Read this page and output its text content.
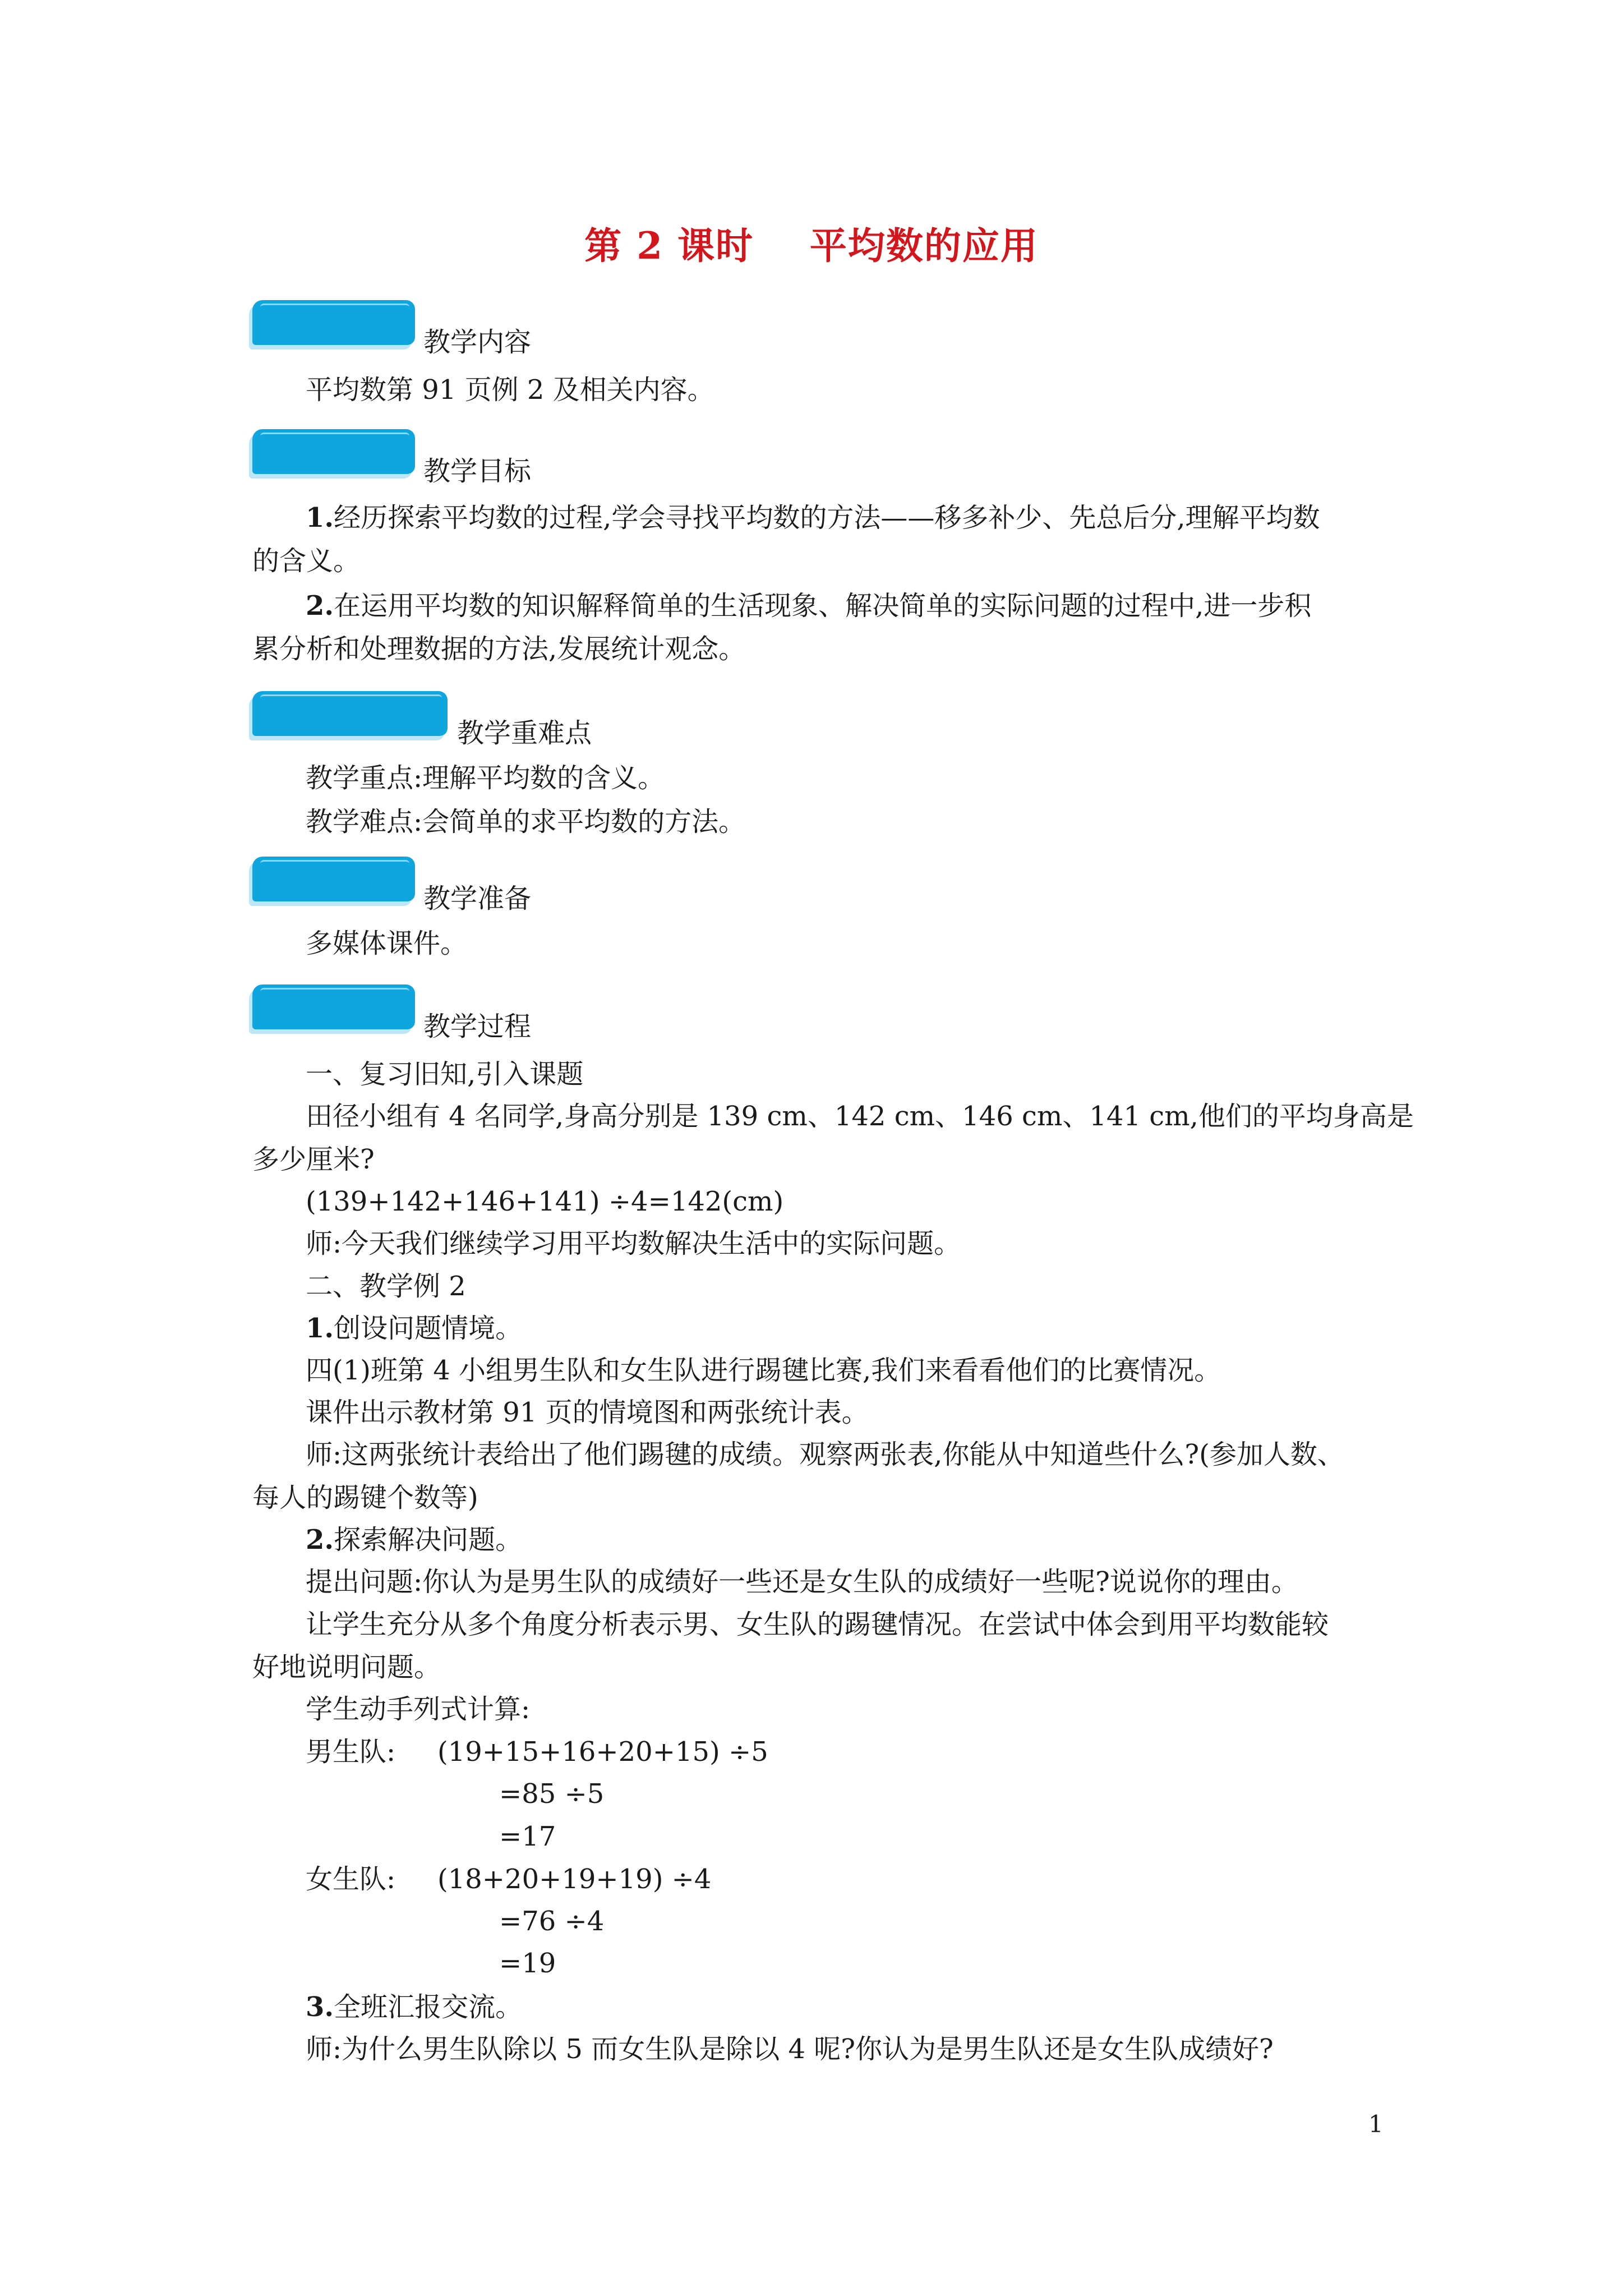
第 2 课时    平均数的应用
教学内容
平均数第 91 页例 2 及相关内容。
教学目标
1.经历探索平均数的过程,学会寻找平均数的方法——移多补少、先总后分,理解平均数
的含义。
2.在运用平均数的知识解释简单的生活现象、解决简单的实际问题的过程中,进一步积
累分析和处理数据的方法,发展统计观念。
教学重难点
教学重点:理解平均数的含义。
教学难点:会简单的求平均数的方法。
教学准备
多媒体课件。
教学过程
一、复习旧知,引入课题
田径小组有 4 名同学,身高分别是 139 cm、142 cm、146 cm、141 cm,他们的平均身高是
多少厘米?
(139+142+146+141) ÷4=142(cm)
师:今天我们继续学习用平均数解决生活中的实际问题。
二、教学例 2
1.创设问题情境。
四(1)班第 4 小组男生队和女生队进行踢毽比赛,我们来看看他们的比赛情况。
课件出示教材第 91 页的情境图和两张统计表。
师:这两张统计表给出了他们踢毽的成绩。观察两张表,你能从中知道些什么?(参加人数、
每人的踢键个数等)
2.探索解决问题。
提出问题:你认为是男生队的成绩好一些还是女生队的成绩好一些呢?说说你的理由。
让学生充分从多个角度分析表示男、女生队的踢毽情况。在尝试中体会到用平均数能较
好地说明问题。
学生动手列式计算:
男生队: (19+15+16+20+15) ÷5
=85 ÷5
=17
女生队: (18+20+19+19) ÷4
=76 ÷4
=19
3.全班汇报交流。
师:为什么男生队除以 5 而女生队是除以 4 呢?你认为是男生队还是女生队成绩好?
1
